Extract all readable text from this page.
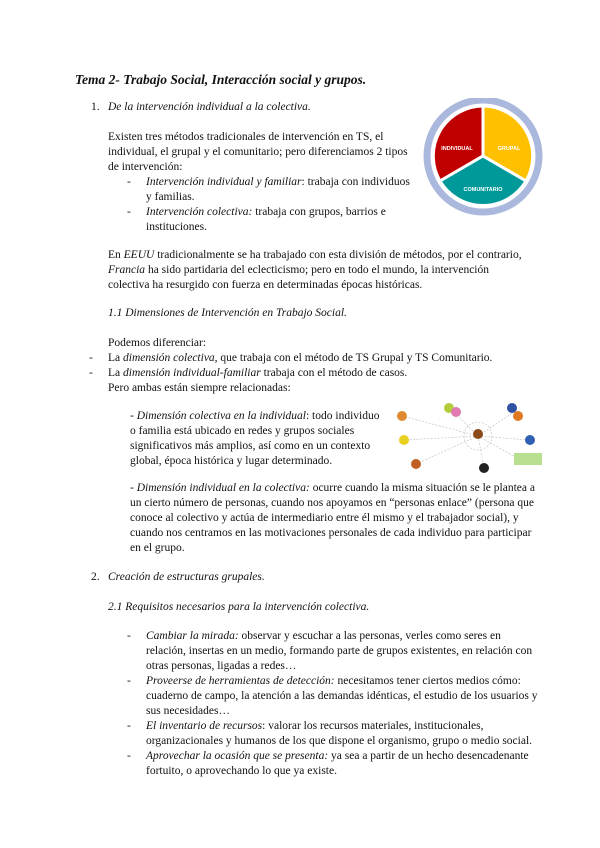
Tema 2- Trabajo Social, Interacción social y grupos.
1. De la intervención individual a la colectiva.
Existen tres métodos tradicionales de intervención en TS, el individual, el grupal y el comunitario; pero diferenciamos 2 tipos de intervención:
- Intervención individual y familiar: trabaja con individuos y familias.
- Intervención colectiva: trabaja con grupos, barrios e instituciones.
INDIVIDUAL	GRUPAL
COMUNITARIO
En EEUU tradicionalmente se ha trabajado con esta división de métodos, por el contrario, Francia ha sido partidaria del eclecticismo; pero en todo el mundo, la intervención colectiva ha resurgido con fuerza en determinadas épocas históricas.
1.1 Dimensiones de Intervención en Trabajo Social.
Podemos diferenciar:
- La dimensión colectiva, que trabaja con el método de TS Grupal y TS Comunitario.
- La dimensión individual-familiar trabaja con el método de casos.
Pero ambas están siempre relacionadas:
- Dimensión colectiva en la individual: todo individuo o familia está ubicado en redes y grupos sociales significativos más amplios, así como en un contexto global, época histórica y lugar determinado.
- Dimensión individual en la colectiva: ocurre cuando la misma situación se le plantea a un cierto número de personas, cuando nos apoyamos en “personas enlace” (persona que conoce al colectivo y actúa de intermediario entre él mismo y el trabajador social), y cuando nos centramos en las motivaciones personales de cada individuo para participar en el grupo.
2. Creación de estructuras grupales.
2.1 Requisitos necesarios para la intervención colectiva.
- Cambiar la mirada: observar y escuchar a las personas, verles como seres en relación, insertas en un medio, formando parte de grupos existentes, en relación con otras personas, ligadas a redes…
- Proveerse de herramientas de detección: necesitamos tener ciertos medios cómo: cuaderno de campo, la atención a las demandas idénticas, el estudio de los usuarios y sus necesidades…
- El inventario de recursos: valorar los recursos materiales, institucionales, organizacionales y humanos de los que dispone el organismo, grupo o medio social.
- Aprovechar la ocasión que se presenta: ya sea a partir de un hecho desencadenante fortuito, o aprovechando lo que ya existe.
